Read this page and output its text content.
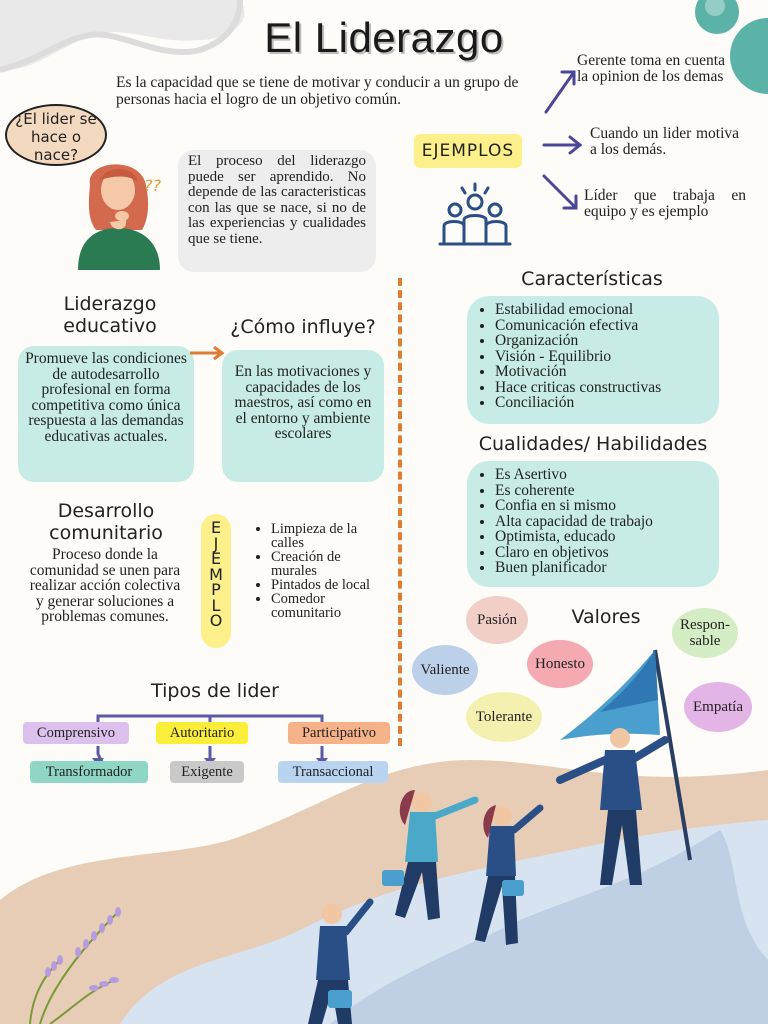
El Liderazgo
Es la capacidad que se tiene de motivar y conducir a un grupo de personas hacia el logro de un objetivo común.
¿El lider se hace o nace?
??
El proceso del liderazgo puede ser aprendido. No depende de las caracteristicas con las que se nace, si no de las experiencias y cualidades que se tiene.
EJEMPLOS
Gerente toma en cuenta la opinion de los demas
Cuando un lider motiva a los demás.
Líder que trabaja en equipo y es ejemplo
Liderazgo educativo
Promueve las condiciones de autodesarrollo profesional en forma competitiva como única respuesta a las demandas educativas actuales.
¿Cómo influye?
En las motivaciones y capacidades de los maestros, así como en el entorno y ambiente escolares
Desarrollo comunitario
Proceso donde la comunidad se unen para realizar acción colectiva y generar soluciones a problemas comunes.
E
J
E
M
P
L
O
• Limpieza de la calles
• Creación de murales
• Pintados de local
• Comedor comunitario
Tipos de lider
Comprensivo	Autoritario	Participativo
Transformador	Exigente	Transaccional
Características
• Estabilidad emocional
• Comunicación efectiva
• Organización
• Visión - Equilibrio
• Motivación
• Hace criticas constructivas
• Conciliación
Cualidades/ Habilidades
• Es Asertivo
• Es coherente
• Confia en si mismo
• Alta capacidad de trabajo
• Optimista, educado
• Claro en objetivos
• Buen planificador
Valores
Pasión	Respon-sable
Honesto
Valiente
Tolerante
Empatía
